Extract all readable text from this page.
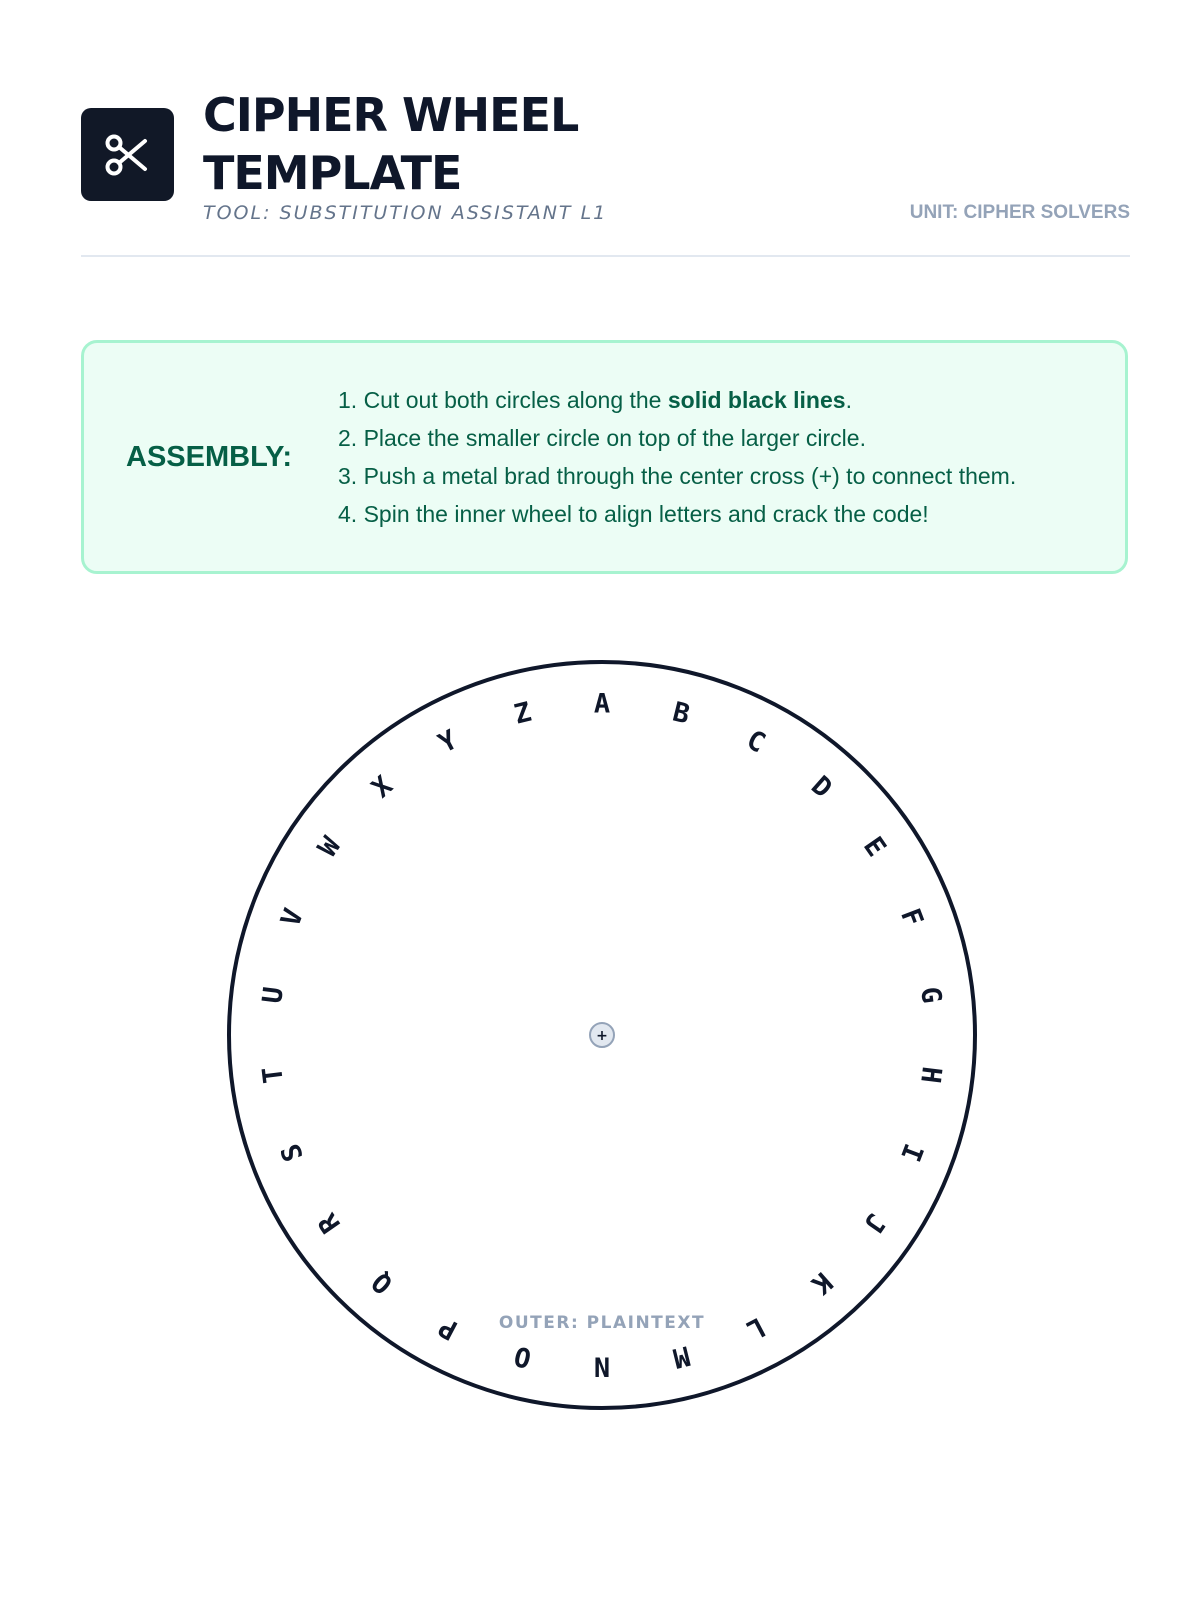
CIPHER WHEEL
TEMPLATE
TOOL: SUBSTITUTION ASSISTANT L1	UNIT: CIPHER SOLVERS
ASSEMBLY:
1. Cut out both circles along the solid black lines.
2. Place the smaller circle on top of the larger circle.
3. Push a metal brad through the center cross (+) to connect them.
4. Spin the inner wheel to align letters and crack the code!
A B
C
D
E
F
G
H
I
J
K
L
M
N
O
P
Q
R
S
T
U
V
W
X
Y
Z
OUTER: PLAINTEXT
+
